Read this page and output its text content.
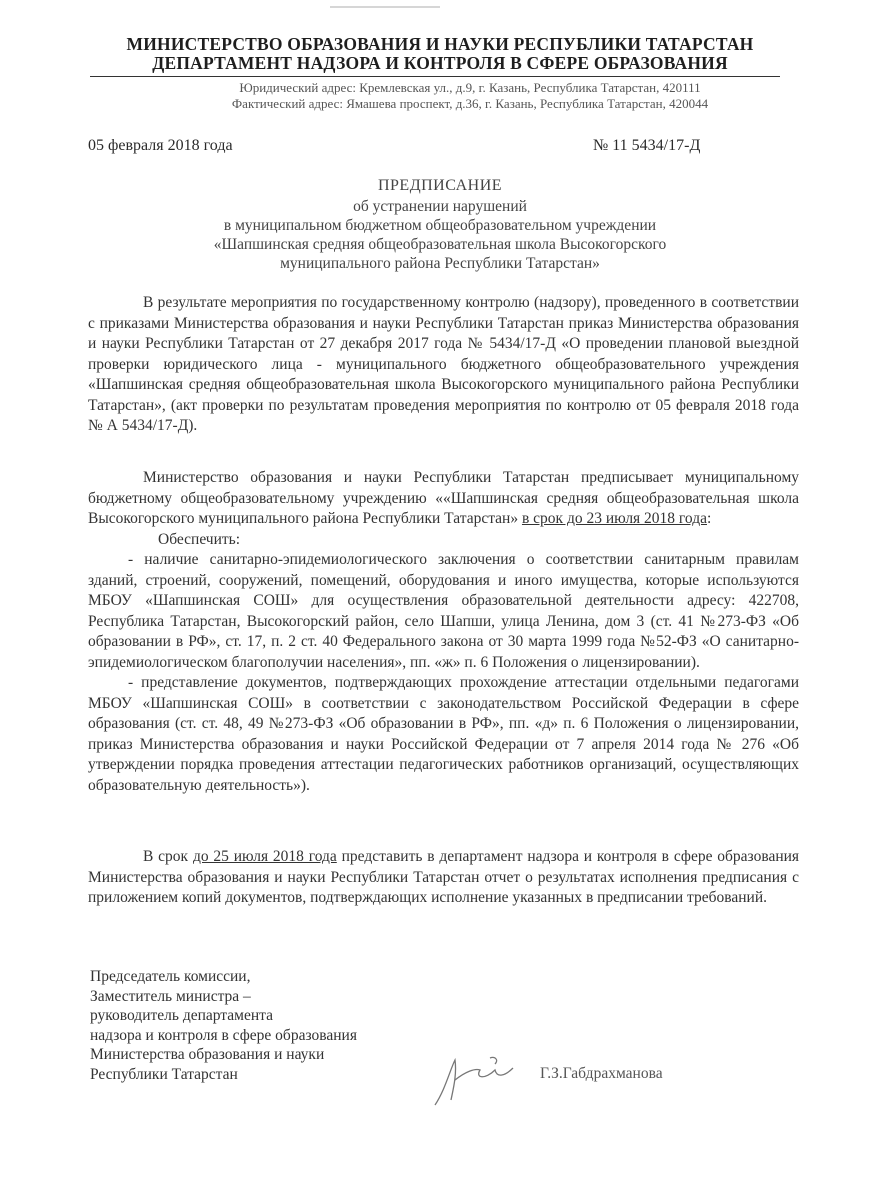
МИНИСТЕРСТВО ОБРАЗОВАНИЯ И НАУКИ РЕСПУБЛИКИ ТАТАРСТАН
ДЕПАРТАМЕНТ НАДЗОРА И КОНТРОЛЯ В СФЕРЕ ОБРАЗОВАНИЯ
Юридический адрес: Кремлевская ул., д.9, г. Казань, Республика Татарстан, 420111
Фактический адрес: Ямашева проспект, д.36, г. Казань, Республика Татарстан, 420044
05 февраля 2018 года	№ 11 5434/17-Д
ПРЕДПИСАНИЕ
об устранении нарушений
в муниципальном бюджетном общеобразовательном учреждении
«Шапшинская средняя общеобразовательная школа Высокогорского
муниципального района Республики Татарстан»

В результате мероприятия по государственному контролю (надзору), проведенного в соответствии с приказами Министерства образования и науки Республики Татарстан приказ Министерства образования и науки Республики Татарстан от 27 декабря 2017 года № 5434/17-Д «О проведении плановой выездной проверки юридического лица - муниципального бюджетного общеобразовательного учреждения «Шапшинская средняя общеобразовательная школа Высокогорского муниципального района Республики Татарстан», (акт проверки по результатам проведения мероприятия по контролю от 05 февраля 2018 года № А 5434/17-Д).

Министерство образования и науки Республики Татарстан предписывает муниципальному бюджетному общеобразовательному учреждению ««Шапшинская средняя общеобразовательная школа Высокогорского муниципального района Республики Татарстан» в срок до 23 июля 2018 года:

Обеспечить:

- наличие санитарно-эпидемиологического заключения о соответствии санитарным правилам зданий, строений, сооружений, помещений, оборудования и иного имущества, которые используются МБОУ «Шапшинская СОШ» для осуществления образовательной деятельности адресу: 422708, Республика Татарстан, Высокогорский район, село Шапши, улица Ленина, дом 3 (ст. 41 №273-ФЗ «Об образовании в РФ», ст. 17, п. 2 ст. 40 Федерального закона от 30 марта 1999 года №52-ФЗ «О санитарно-эпидемиологическом благополучии населения», пп. «ж» п. 6 Положения о лицензировании).

- представление документов, подтверждающих прохождение аттестации отдельными педагогами МБОУ «Шапшинская СОШ» в соответствии с законодательством Российской Федерации в сфере образования (ст. ст. 48, 49 №273-ФЗ «Об образовании в РФ», пп. «д» п. 6 Положения о лицензировании, приказ Министерства образования и науки Российской Федерации от 7 апреля 2014 года № 276 «Об утверждении порядка проведения аттестации педагогических работников организаций, осуществляющих образовательную деятельность»).

В срок до 25 июля 2018 года представить в департамент надзора и контроля в сфере образования Министерства образования и науки Республики Татарстан отчет о результатах исполнения предписания с приложением копий документов, подтверждающих исполнение указанных в предписании требований.

Председатель комиссии,
Заместитель министра –
руководитель департамента
надзора и контроля в сфере образования
Министерства образования и науки
Республики Татарстан	Г.З.Габдрахманова
